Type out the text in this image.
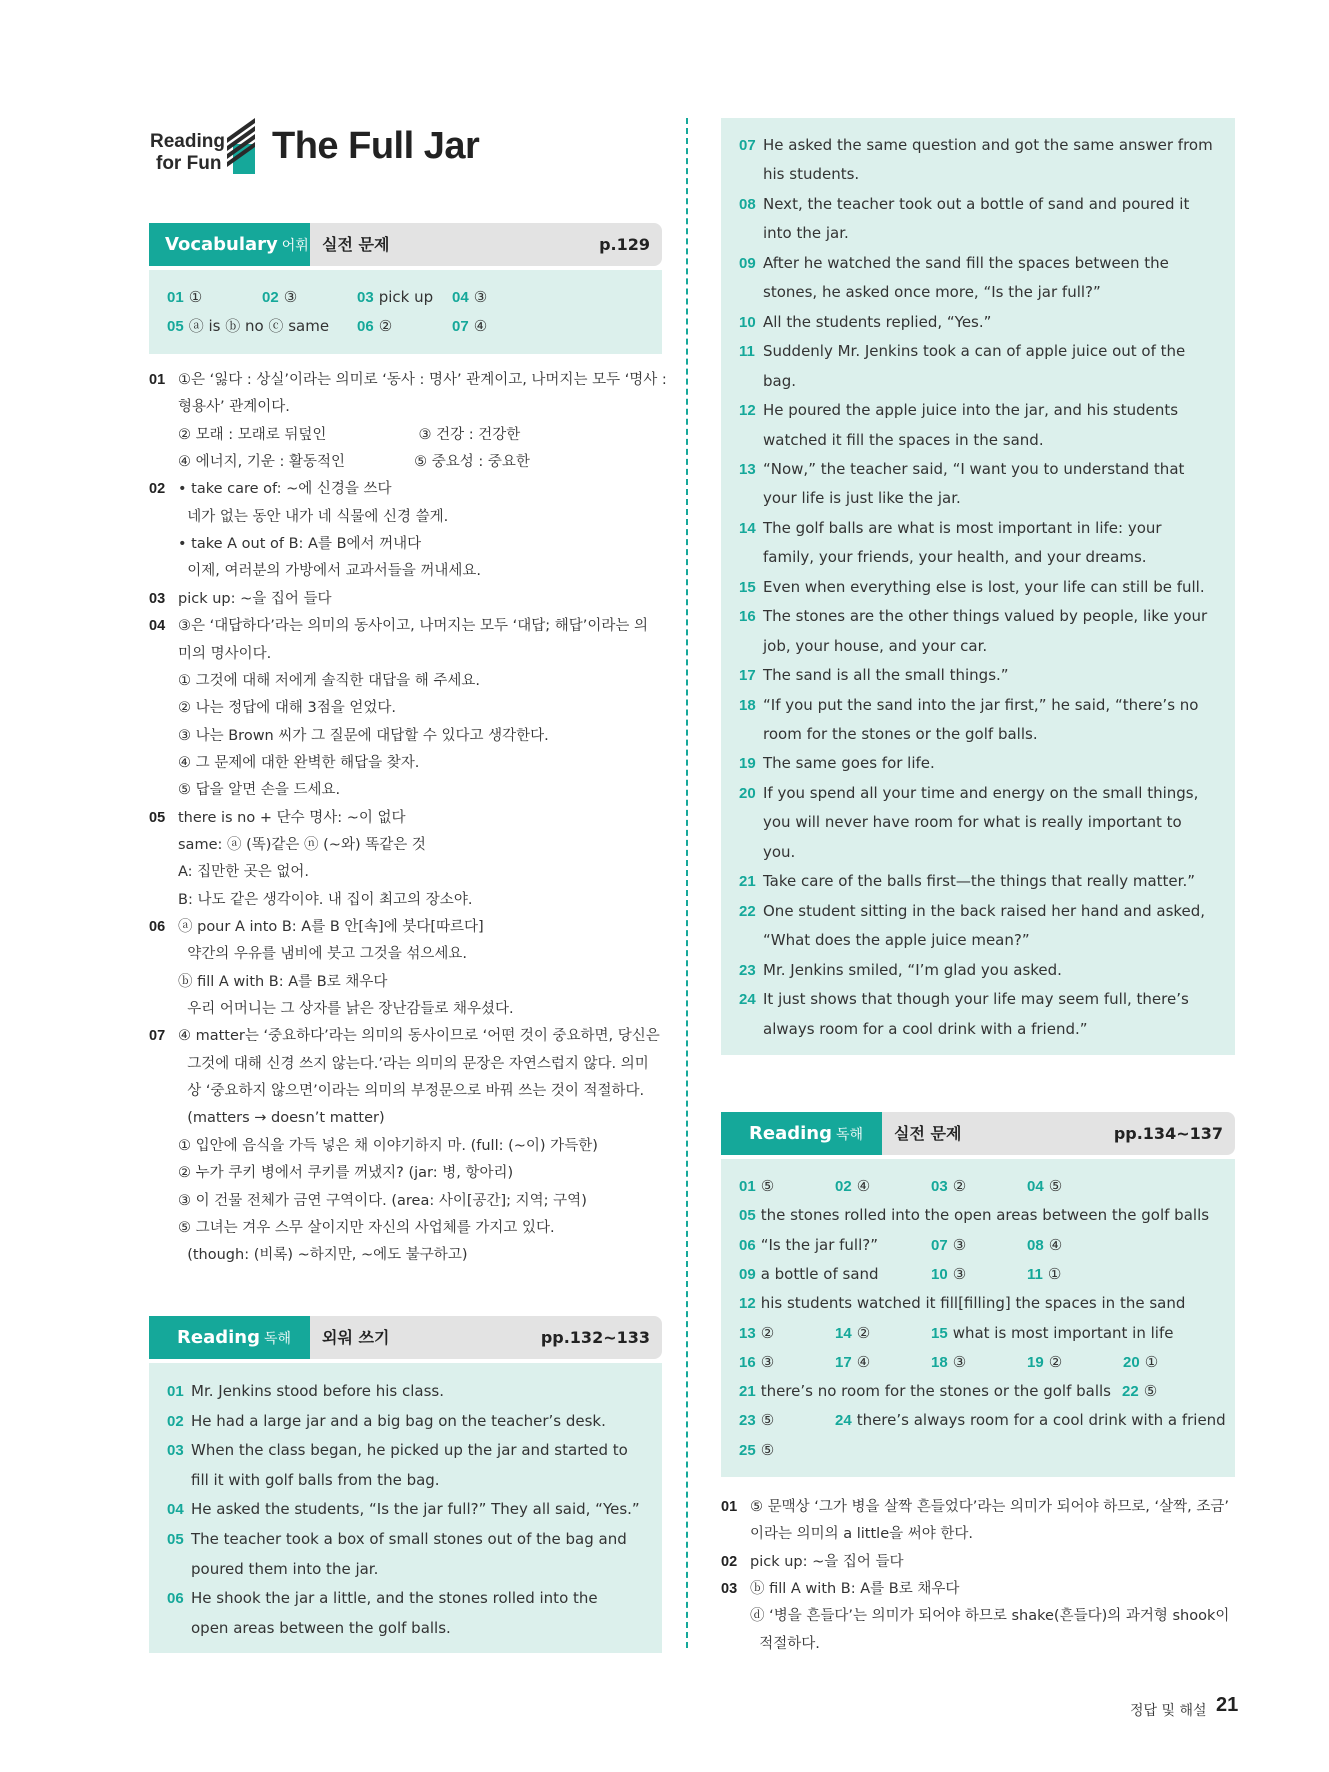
Reading
for Fun The Full Jar
Vocabulary 어휘 실전 문제	p.129
01 ①	02 ③	03 pick up 04 ③
05 ⓐ is ⓑ no ⓒ same 06 ②	07 ④
01 ①은 ‘잃다 : 상실’이라는 의미로 ‘동사 : 명사’ 관계이고, 나머지는 모두 ‘명사 :
형용사’ 관계이다.
② 모래 : 모래로 뒤덮인                    ③ 건강 : 건강한
④ 에너지, 기운 : 활동적인               ⑤ 중요성 : 중요한
02 • take care of: ~에 신경을 쓰다
네가 없는 동안 내가 네 식물에 신경 쓸게.
• take A out of B: A를 B에서 꺼내다
이제, 여러분의 가방에서 교과서들을 꺼내세요.
03 pick up: ~을 집어 들다
04 ③은 ‘대답하다’라는 의미의 동사이고, 나머지는 모두 ‘대답; 해답’이라는 의
미의 명사이다.
① 그것에 대해 저에게 솔직한 대답을 해 주세요.
② 나는 정답에 대해 3점을 얻었다.
③ 나는 Brown 씨가 그 질문에 대답할 수 있다고 생각한다.
④ 그 문제에 대한 완벽한 해답을 찾자.
⑤ 답을 알면 손을 드세요.
05 there is no + 단수 명사: ~이 없다
same: ⓐ (똑)같은 ⓝ (~와) 똑같은 것
A: 집만한 곳은 없어.
B: 나도 같은 생각이야. 내 집이 최고의 장소야.
06 ⓐ pour A into B: A를 B 안[속]에 붓다[따르다]
약간의 우유를 냄비에 붓고 그것을 섞으세요.
ⓑ fill A with B: A를 B로 채우다
우리 어머니는 그 상자를 낡은 장난감들로 채우셨다.
07 ④ matter는 ‘중요하다’라는 의미의 동사이므로 ‘어떤 것이 중요하면, 당신은
그것에 대해 신경 쓰지 않는다.’라는 의미의 문장은 자연스럽지 않다. 의미
상 ‘중요하지 않으면’이라는 의미의 부정문으로 바꿔 쓰는 것이 적절하다.
(matters → doesn’t matter)
① 입안에 음식을 가득 넣은 채 이야기하지 마. (full: (~이) 가득한)
② 누가 쿠키 병에서 쿠키를 꺼냈지? (jar: 병, 항아리)
③ 이 건물 전체가 금연 구역이다. (area: 사이[공간]; 지역; 구역)
⑤ 그녀는 겨우 스무 살이지만 자신의 사업체를 가지고 있다.
(though: (비록) ~하지만, ~에도 불구하고)
Reading 독해	외워 쓰기	pp.132~133
01 Mr. Jenkins stood before his class.
02 He had a large jar and a big bag on the teacher’s desk.
03 When the class began, he picked up the jar and started to
fill it with golf balls from the bag.
04 He asked the students, “Is the jar full?” They all said, “Yes.”
05 The teacher took a box of small stones out of the bag and
poured them into the jar.
06 He shook the jar a little, and the stones rolled into the
open areas between the golf balls.
07 He asked the same question and got the same answer from
his students.
08 Next, the teacher took out a bottle of sand and poured it
into the jar.
09 After he watched the sand fill the spaces between the
stones, he asked once more, “Is the jar full?”
10 All the students replied, “Yes.”
11 Suddenly Mr. Jenkins took a can of apple juice out of the
bag.
12 He poured the apple juice into the jar, and his students
watched it fill the spaces in the sand.
13 “Now,” the teacher said, “I want you to understand that
your life is just like the jar.
14 The golf balls are what is most important in life: your
family, your friends, your health, and your dreams.
15 Even when everything else is lost, your life can still be full.
16 The stones are the other things valued by people, like your
job, your house, and your car.
17 The sand is all the small things.”
18 “If you put the sand into the jar first,” he said, “there’s no
room for the stones or the golf balls.
19 The same goes for life.
20 If you spend all your time and energy on the small things,
you will never have room for what is really important to
you.
21 Take care of the balls first—the things that really matter.”
22 One student sitting in the back raised her hand and asked,
“What does the apple juice mean?”
23 Mr. Jenkins smiled, “I’m glad you asked.
24 It just shows that though your life may seem full, there’s
always room for a cool drink with a friend.”
Reading 독해	실전 문제	pp.134~137
01 ⑤	02 ④	03 ②	04 ⑤
05 the stones rolled into the open areas between the golf balls
06 “Is the jar full?”	07 ③	08 ④
09 a bottle of sand	10 ③	11 ①
12 his students watched it fill[filling] the spaces in the sand
13 ②	14 ②	15 what is most important in life
16 ③	17 ④	18 ③	19 ②	20 ①
21 there’s no room for the stones or the golf balls 22 ⑤
23 ⑤	24 there’s always room for a cool drink with a friend
25 ⑤
01 ⑤ 문맥상 ‘그가 병을 살짝 흔들었다’라는 의미가 되어야 하므로, ‘살짝, 조금’
이라는 의미의 a little을 써야 한다.
02 pick up: ~을 집어 들다
03 ⓑ fill A with B: A를 B로 채우다
ⓓ ‘병을 흔들다’는 의미가 되어야 하므로 shake(흔들다)의 과거형 shook이
적절하다.
정답 및 해설 21
